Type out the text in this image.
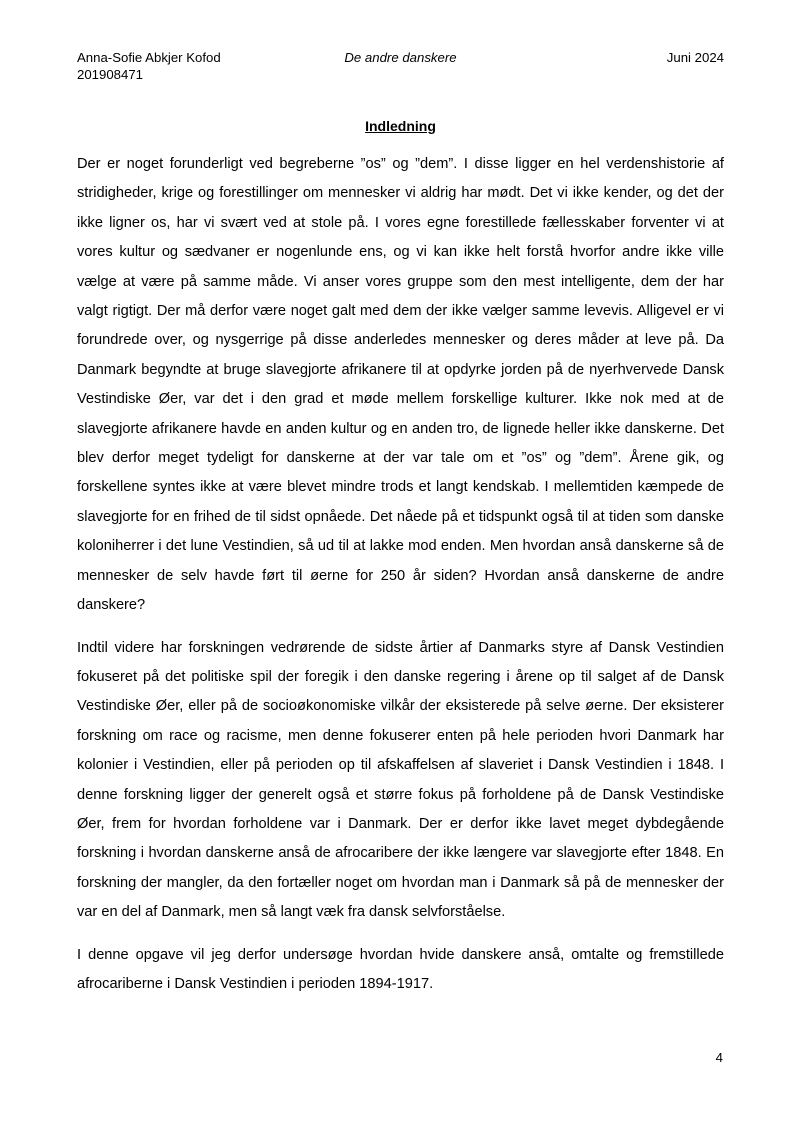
De andre danskere
Anna-Sofie Abkjer Kofod
201908471
Juni 2024
Indledning

Der er noget forunderligt ved begreberne ”os” og ”dem”. I disse ligger en hel verdenshistorie af stridigheder, krige og forestillinger om mennesker vi aldrig har mødt. Det vi ikke kender, og det der ikke ligner os, har vi svært ved at stole på. I vores egne forestillede fællesskaber forventer vi at vores kultur og sædvaner er nogenlunde ens, og vi kan ikke helt forstå hvorfor andre ikke ville vælge at være på samme måde. Vi anser vores gruppe som den mest intelligente, dem der har valgt rigtigt. Der må derfor være noget galt med dem der ikke vælger samme levevis. Alligevel er vi forundrede over, og nysgerrige på disse anderledes mennesker og deres måder at leve på. Da Danmark begyndte at bruge slavegjorte afrikanere til at opdyrke jorden på de nyerhvervede Dansk Vestindiske Øer, var det i den grad et møde mellem forskellige kulturer. Ikke nok med at de slavegjorte afrikanere havde en anden kultur og en anden tro, de lignede heller ikke danskerne. Det blev derfor meget tydeligt for danskerne at der var tale om et ”os” og ”dem”. Årene gik, og forskellene syntes ikke at være blevet mindre trods et langt kendskab. I mellemtiden kæmpede de slavegjorte for en frihed de til sidst opnåede. Det nåede på et tidspunkt også til at tiden som danske koloniherrer i det lune Vestindien, så ud til at lakke mod enden. Men hvordan anså danskerne så de mennesker de selv havde ført til øerne for 250 år siden? Hvordan anså danskerne de andre danskere?

Indtil videre har forskningen vedrørende de sidste årtier af Danmarks styre af Dansk Vestindien fokuseret på det politiske spil der foregik i den danske regering i årene op til salget af de Dansk Vestindiske Øer, eller på de socioøkonomiske vilkår der eksisterede på selve øerne. Der eksisterer forskning om race og racisme, men denne fokuserer enten på hele perioden hvori Danmark har kolonier i Vestindien, eller på perioden op til afskaffelsen af slaveriet i Dansk Vestindien i 1848. I denne forskning ligger der generelt også et større fokus på forholdene på de Dansk Vestindiske Øer, frem for hvordan forholdene var i Danmark. Der er derfor ikke lavet meget dybdegående forskning i hvordan danskerne anså de afrocaribere der ikke længere var slavegjorte efter 1848. En forskning der mangler, da den fortæller noget om hvordan man i Danmark så på de mennesker der var en del af Danmark, men så langt væk fra dansk selvforståelse.

I denne opgave vil jeg derfor undersøge hvordan hvide danskere anså, omtalte og fremstillede afrocariberne i Dansk Vestindien i perioden 1894-1917.

4
